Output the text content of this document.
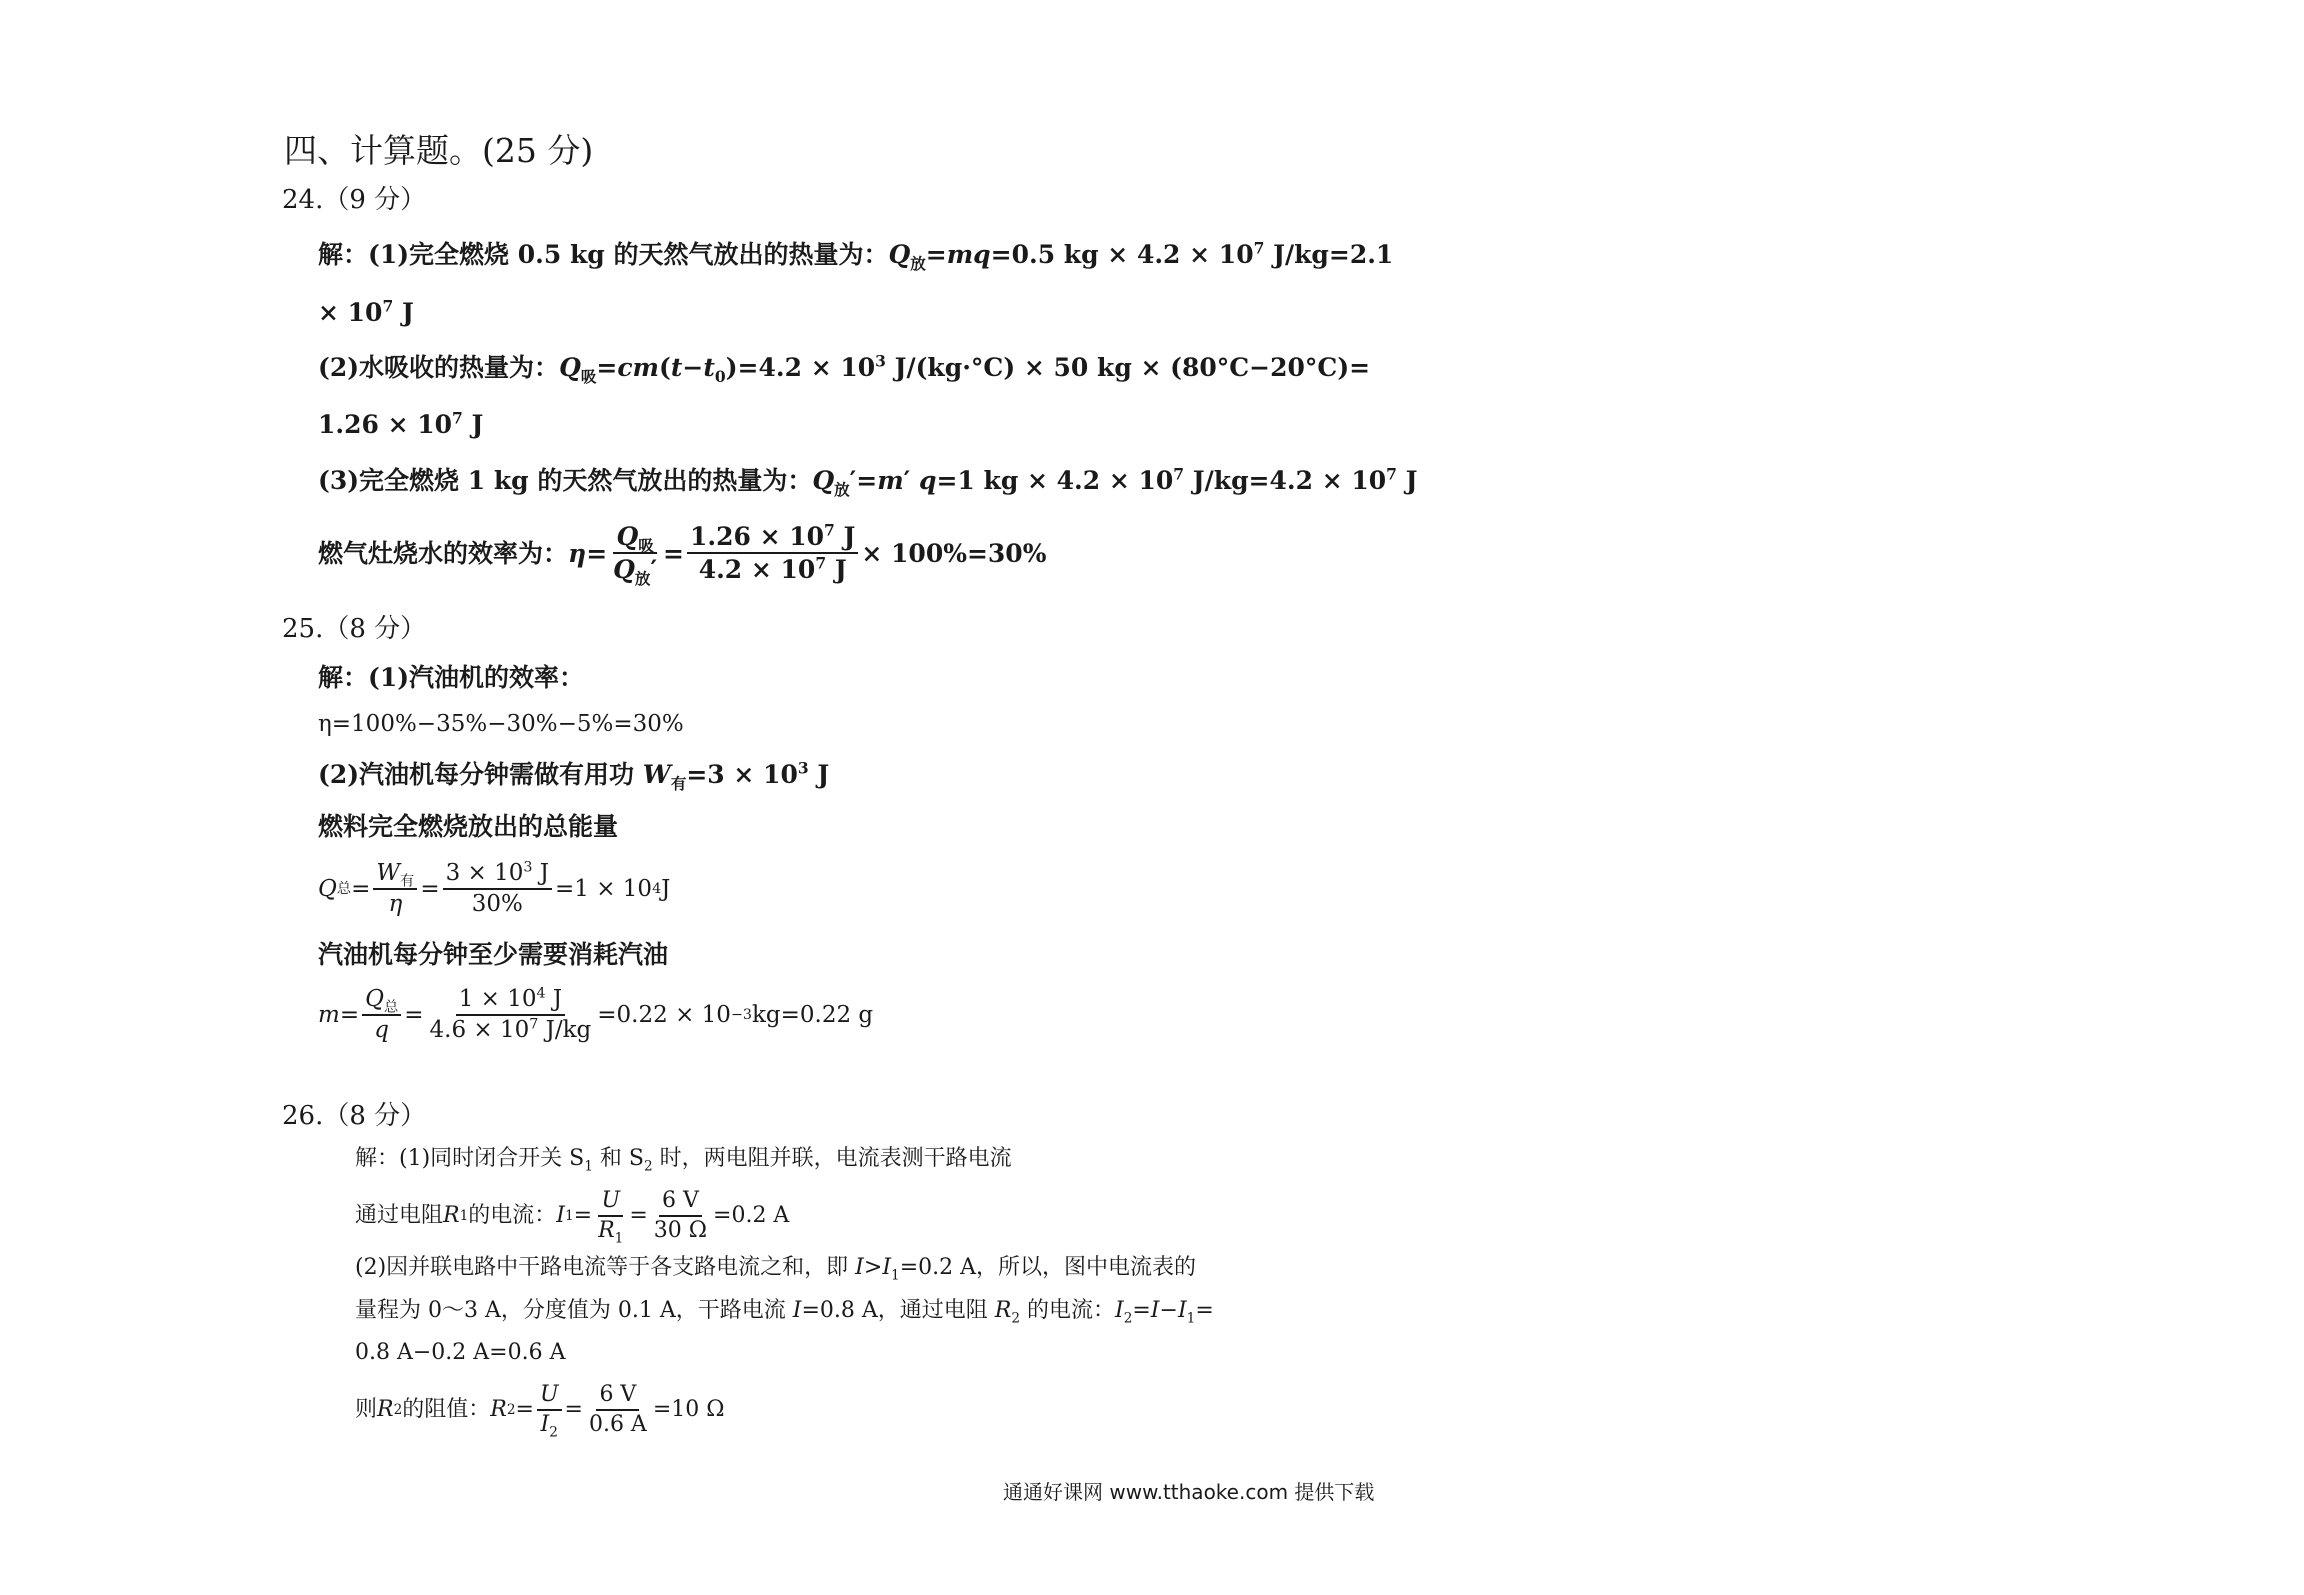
四、计算题。(25 分)
24.（9 分）
解：(1)完全燃烧 0.5 kg 的天然气放出的热量为：$Q_放=mq=0.5$ kg × $4.2 \times 10^7$ J/kg=2.1
× $10^7$ J
(2)水吸收的热量为：$Q_吸=cm(t-t_0)=4.2 \times 10^3$ J/(kg·°C) × 50 kg × (80°C−20°C)=
$1.26 \times 10^7$ J
(3)完全燃烧 1 kg 的天然气放出的热量为：$Q_放'=m'$ q=1 kg × $4.2 \times 10^7$ $J/kg=4.2 \times 10^7$ J
燃气灶烧水的效率为： η=
$Q_吸$
$Q_放'$
= $\frac{1.26 \times 10^7 J}{4.2 \times 10^7 J} \times 100\%=30\%$
25.（8 分）
解：(1)汽油机的效率：
η=100%−35%−30%−5%=30%
(2)汽油机每分钟需做有用功 $W_有=3 \times 10^3$ J
燃料完全燃烧放出的总能量
Q 总 =
$W_有$
η
= $\frac{3 \times 10^3 J}{30\%} =1 \times 10$ 4 J
汽油机每分钟至少需要消耗汽油
m =
$Q_总$
q
= $\frac{1 \times 10^4 J}{4.6 \times 10^7 J/kg} =0.22 \times 10 -3$ kg=0.22 g
26.（8 分）
解：(1)同时闭合开关 $S_1$ 和 $S_2$ 时，两电阻并联，电流表测干路电流
通过电阻 R 1 的电流： I $1 = \frac{U}{R_1} = \frac{6 V}{30 \Omega} =0.2$ A
(2)因并联电路中干路电流等于各支路电流之和，即 $I>I_1=0.2$ A，所以，图中电流表的
量程为 0～3 A，分度值为 0.1 A，干路电流 I=0.8 A，通过电阻 $R_2$ 的电流：$I_2=I-I_1=$
0.8 A−0.2 A=0.6 A
则 R 2 的阻值： R $2 = \frac{U}{I_2} = \frac{6 V}{0.6 A} =10$ Ω
通通好课网 www.tthaoke.com 提供下载
